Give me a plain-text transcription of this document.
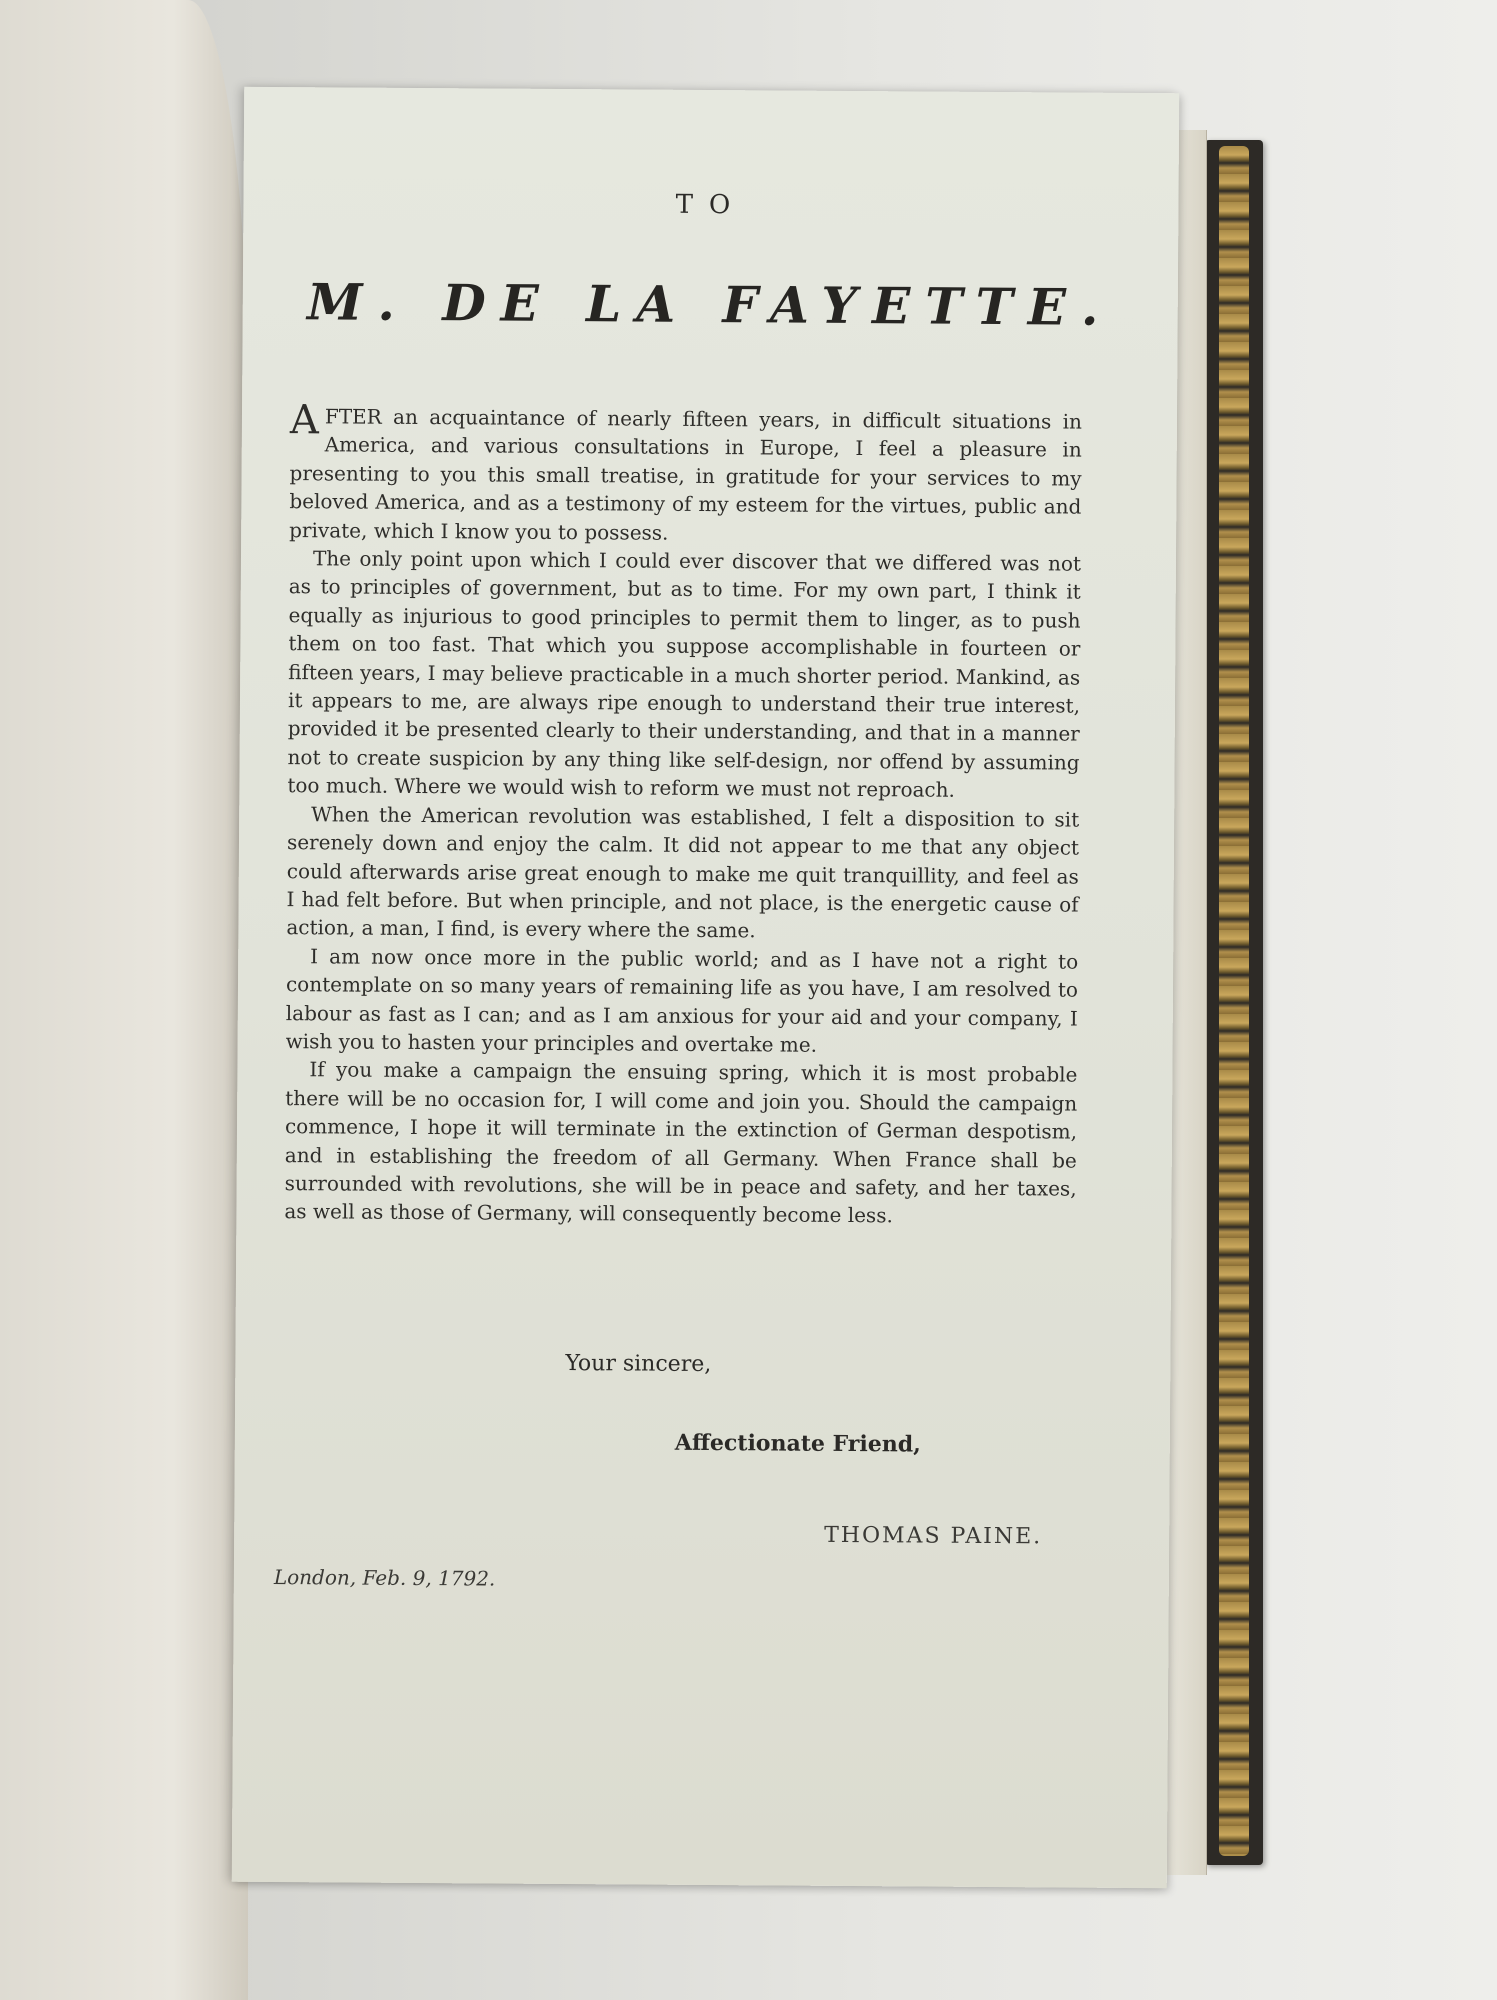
TO
M. DE LA FAYETTE.

AFTER an acquaintance of nearly fifteen years, in difficult situations in America, and various consultations in Europe, I feel a pleasure in presenting to you this small treatise, in gratitude for your services to my beloved America, and as a testimony of my esteem for the virtues, public and private, which I know you to possess.

The only point upon which I could ever discover that we differed was not as to principles of government, but as to time. For my own part, I think it equally as injurious to good principles to permit them to linger, as to push them on too fast. That which you suppose accomplishable in fourteen or fifteen years, I may believe practicable in a much shorter period. Mankind, as it appears to me, are always ripe enough to understand their true interest, provided it be presented clearly to their understanding, and that in a manner not to create suspicion by any thing like self-design, nor offend by assuming too much. Where we would wish to reform we must not reproach.

When the American revolution was established, I felt a disposition to sit serenely down and enjoy the calm. It did not appear to me that any object could afterwards arise great enough to make me quit tranquillity, and feel as I had felt before. But when principle, and not place, is the energetic cause of action, a man, I find, is every where the same.

I am now once more in the public world; and as I have not a right to contemplate on so many years of remaining life as you have, I am resolved to labour as fast as I can; and as I am anxious for your aid and your company, I wish you to hasten your principles and overtake me.

If you make a campaign the ensuing spring, which it is most probable there will be no occasion for, I will come and join you. Should the campaign commence, I hope it will terminate in the extinction of German despotism, and in establishing the freedom of all Germany. When France shall be surrounded with revolutions, she will be in peace and safety, and her taxes, as well as those of Germany, will consequently become less.

Your sincere,
Affectionate Friend,
THOMAS PAINE.
London, Feb. 9, 1792.
